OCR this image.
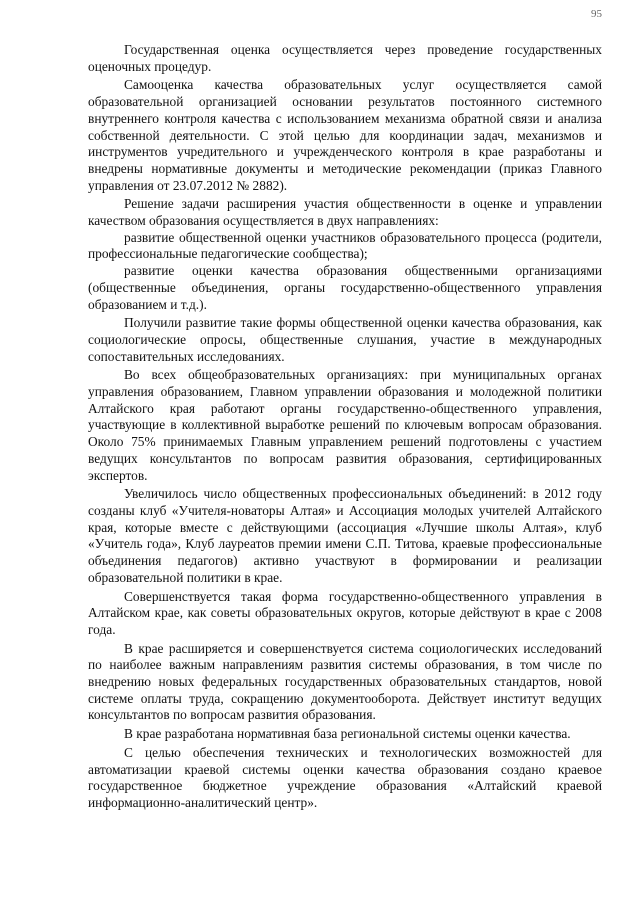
95

Государственная оценка осуществляется через проведение государственных оценочных процедур.

Самооценка качества образовательных услуг осуществляется самой образовательной организацией основании результатов постоянного системного внутреннего контроля качества с использованием механизма обратной связи и анализа собственной деятельности. С этой целью для координации задач, механизмов и инструментов учредительного и учрежденческого контроля в крае разработаны и внедрены нормативные документы и методические рекомендации (приказ Главного управления от 23.07.2012 № 2882).

Решение задачи расширения участия общественности в оценке и управлении качеством образования осуществляется в двух направлениях:

развитие общественной оценки участников образовательного процесса (родители, профессиональные педагогические сообщества);

развитие оценки качества образования общественными организациями (общественные объединения, органы государственно-общественного управления образованием и т.д.).

Получили развитие такие формы общественной оценки качества образования, как социологические опросы, общественные слушания, участие в международных сопоставительных исследованиях.

Во всех общеобразовательных организациях: при муниципальных органах управления образованием, Главном управлении образования и молодежной политики Алтайского края работают органы государственно-общественного управления, участвующие в коллективной выработке решений по ключевым вопросам образования. Около 75% принимаемых Главным управлением решений подготовлены с участием ведущих консультантов по вопросам развития образования, сертифицированных экспертов.

Увеличилось число общественных профессиональных объединений: в 2012 году созданы клуб «Учителя-новаторы Алтая» и Ассоциация молодых учителей Алтайского края, которые вместе с действующими (ассоциация «Лучшие школы Алтая», клуб «Учитель года», Клуб лауреатов премии имени С.П. Титова, краевые профессиональные объединения педагогов) активно участвуют в формировании и реализации образовательной политики в крае.

Совершенствуется такая форма государственно-общественного управления в Алтайском крае, как советы образовательных округов, которые действуют в крае с 2008 года.

В крае расширяется и совершенствуется система социологических исследований по наиболее важным направлениям развития системы образования, в том числе по внедрению новых федеральных государственных образовательных стандартов, новой системе оплаты труда, сокращению документооборота. Действует институт ведущих консультантов по вопросам развития образования.

В крае разработана нормативная база региональной системы оценки качества.

С целью обеспечения технических и технологических возможностей для автоматизации краевой системы оценки качества образования создано краевое государственное бюджетное учреждение образования «Алтайский краевой информационно-аналитический центр».
